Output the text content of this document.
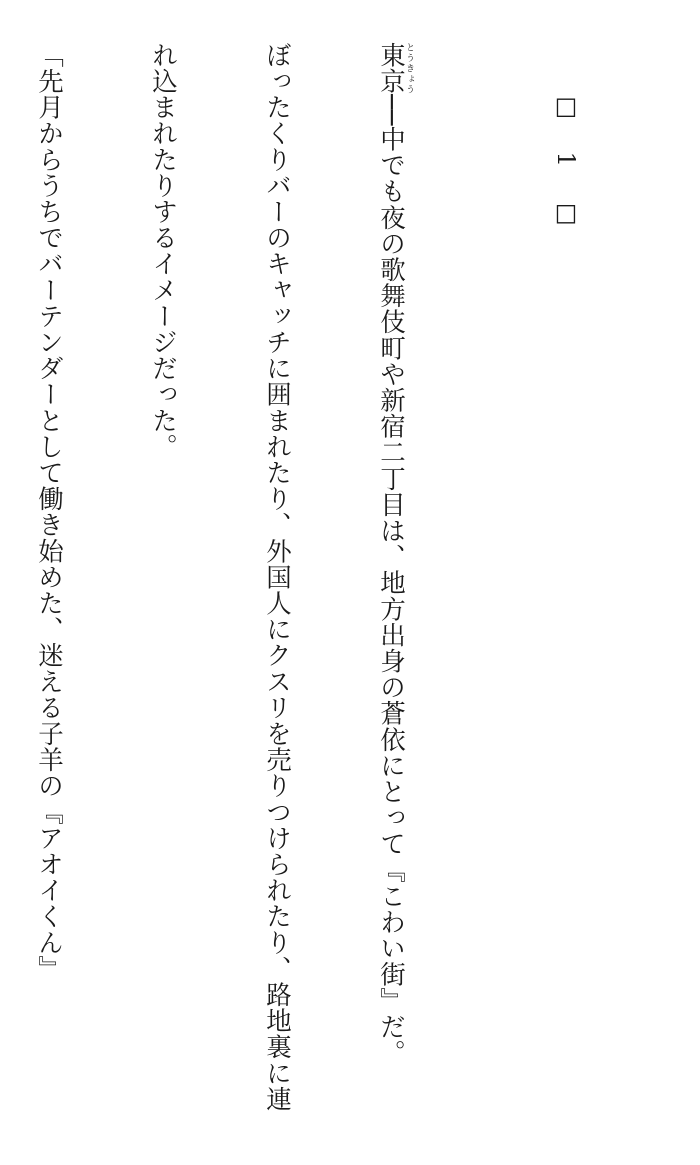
□ 1 □

東京とうきょう──中でも夜の歌舞伎町や新宿二丁目は、地方出身の蒼依にとって『こわい街』だ。

ぼったくりバーのキャッチに囲まれたり、外国人にクスリを売りつけられたり、路地裏に連

れ込まれたりするイメージだった。

「先月からうちでバーテンダーとして働き始めた、迷える子羊の『アオイくん』
